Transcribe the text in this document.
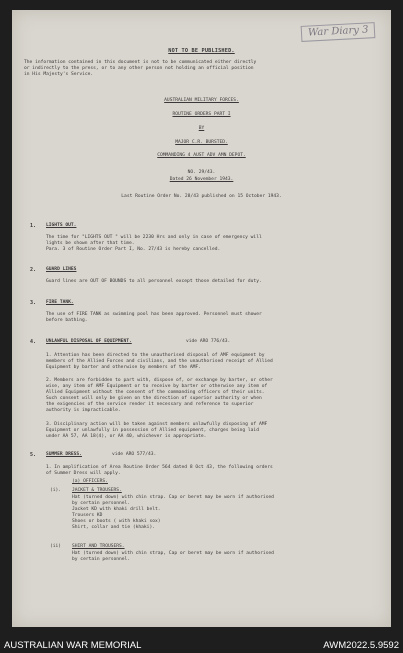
War Diary 3
NOT TO BE PUBLISHED.
The information contained in this document is not to be communicated either directly
or indirectly to the press, or to any other person not holding an official position
in His Majesty's Service.
AUSTRALIAN MILITARY FORCES.
ROUTINE ORDERS PART I
BY
MAJOR C.R. BURSTED.
COMMANDING 4 AUST ADV AMN DEPOT.
NO. 29/43.
Dated 26 November 1943.
Last Routine Order No. 28/43 published on 15 October 1943.
1. LIGHTS OUT.
The time for "LIGHTS OUT " will be 2230 Hrs and only in case of emergency will
lights be shown after that time.
Para. 3 of Routine Order Part I, No. 27/43 is hereby cancelled.
2. GUARD LINES
Guard lines are OUT OF BOUNDS to all personnel except those detailed for duty.
3. FIRE TANK.
The use of FIRE TANK as swimming pool has been approved. Personnel must shower
before bathing.
4. UNLAWFUL DISPOSAL OF EQUIPMENT.	vide ARO 776/43.
1. Attention has been directed to the unauthorised disposal of AMF equipment by
members of the Allied Forces and civilians, and the unauthorised receipt of Allied
Equipment by barter and otherwise by members of the AMF.
2. Members are forbidden to part with, dispose of, or exchange by barter, or other
wise, any item of AMF Equipment or to receive by barter or otherwise any item of
Allied Equipment without the consent of the commanding officers of their units.
Such consent will only be given on the direction of superior authority or when
the exigencies of the service render it necessary and reference to superior
authority is impracticable.
3. Disciplinary action will be taken against members unlawfully disposing of AMF
Equipment or unlawfully in possession of Allied equipment, charges being laid
under AA 57, AA 18(4), or AA 40, whichever is appropriate.
5. SUMMER DRESS.	vide ARO 577/43.
1. In amplification of Area Routine Order 564 dated 8 Oct 43, the following orders
of Summer Dress will apply.
(a) OFFICERS.
(i). JACKET & TROUSERS.
Hat (turned down) with chin strap. Cap or beret may be worn if authorised
by certain personnel.
Jacket KD with khaki drill belt.
Trousers KD
Shoes or boots ( with khaki sox)
Shirt, collar and tie (khaki).
(ii) SHIRT AND TROUSERS.
Hat (turned down) with chin strap, Cap or beret may be worn if authorised
by certain personnel.
AUSTRALIAN WAR MEMORIAL	AWM2022.5.9592
